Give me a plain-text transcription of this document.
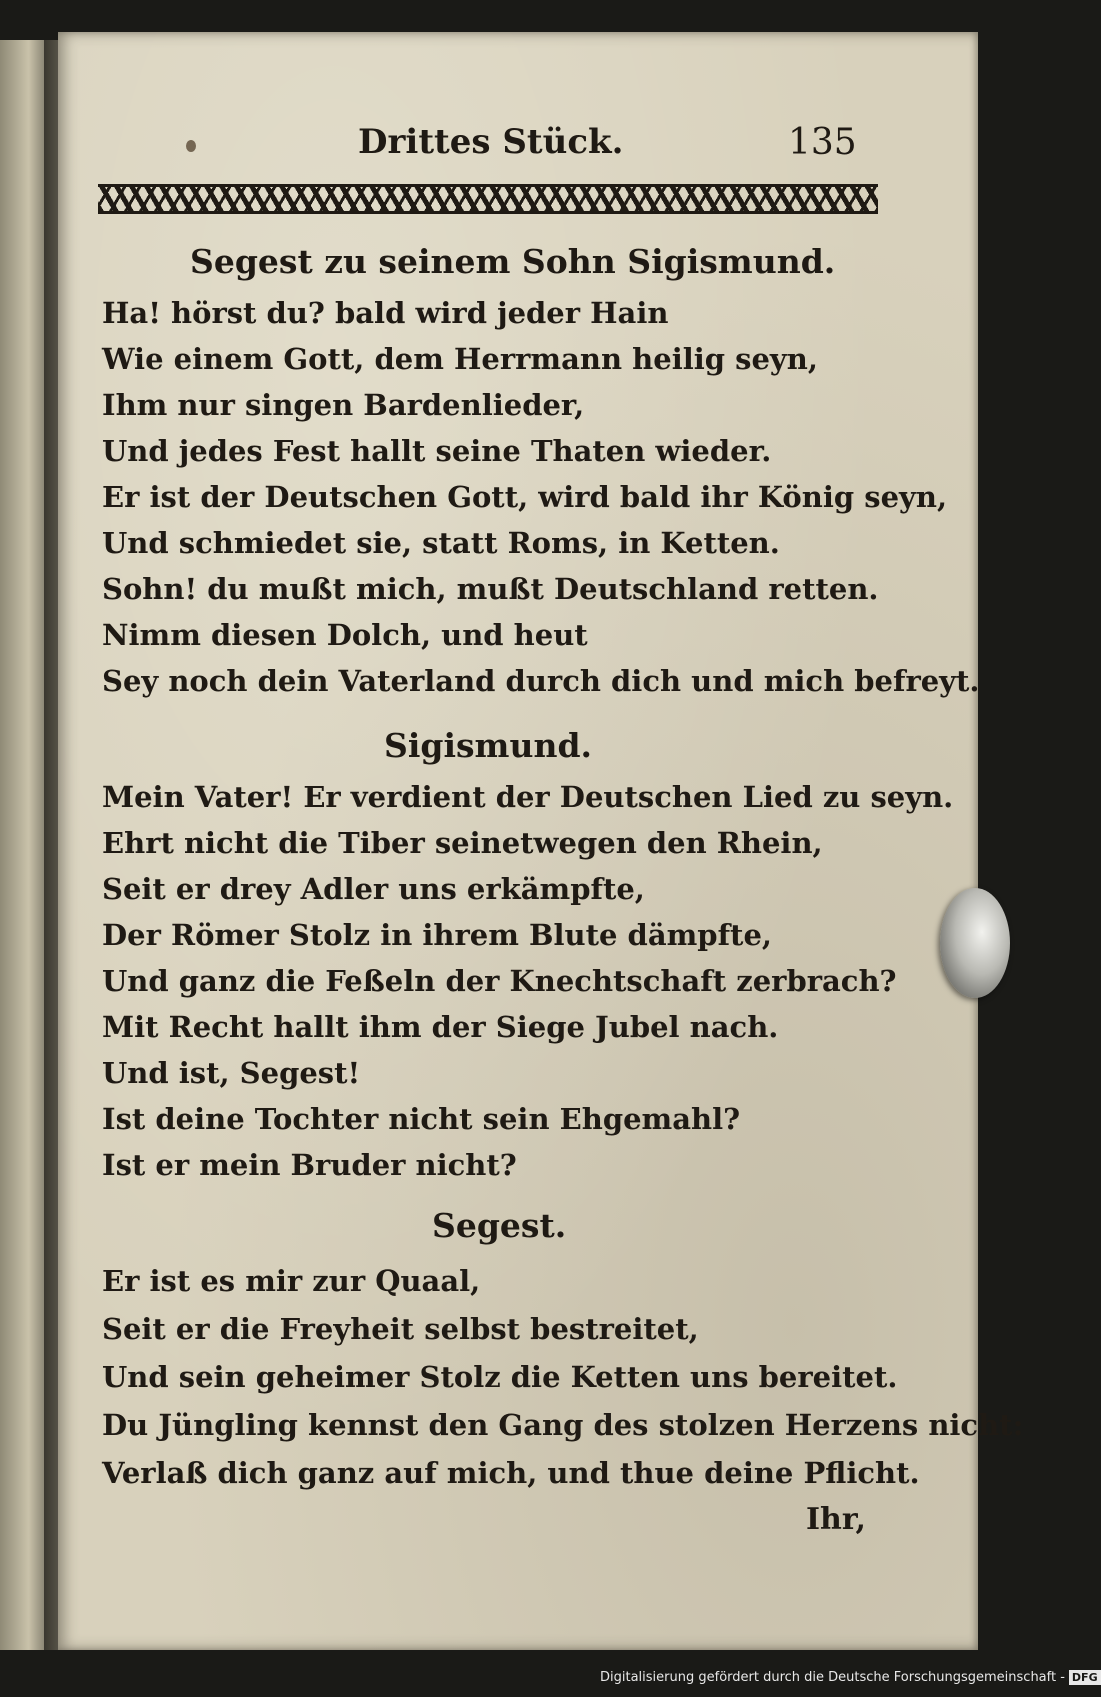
Drittes Stück.	135
Segest zu seinem Sohn Sigismund.
Ha! hörst du? bald wird jeder Hain
Wie einem Gott, dem Herrmann heilig seyn,
Ihm nur singen Bardenlieder,
Und jedes Fest hallt seine Thaten wieder.
Er ist der Deutschen Gott, wird bald ihr König seyn,
Und schmiedet sie, statt Roms, in Ketten.
Sohn! du mußt mich, mußt Deutschland retten.
Nimm diesen Dolch, und heut
Sey noch dein Vaterland durch dich und mich befreyt.
Sigismund.
Mein Vater! Er verdient der Deutschen Lied zu seyn.
Ehrt nicht die Tiber seinetwegen den Rhein,
Seit er drey Adler uns erkämpfte,
Der Römer Stolz in ihrem Blute dämpfte,
Und ganz die Feßeln der Knechtschaft zerbrach?
Mit Recht hallt ihm der Siege Jubel nach.
Und ist, Segest!
Ist deine Tochter nicht sein Ehgemahl?
Ist er mein Bruder nicht?
Segest.
Er ist es mir zur Quaal,
Seit er die Freyheit selbst bestreitet,
Und sein geheimer Stolz die Ketten uns bereitet.
Du Jüngling kennst den Gang des stolzen Herzens nicht:
Verlaß dich ganz auf mich, und thue deine Pflicht.
Ihr,
Digitalisierung gefördert durch die Deutsche Forschungsgemeinschaft - DFG
